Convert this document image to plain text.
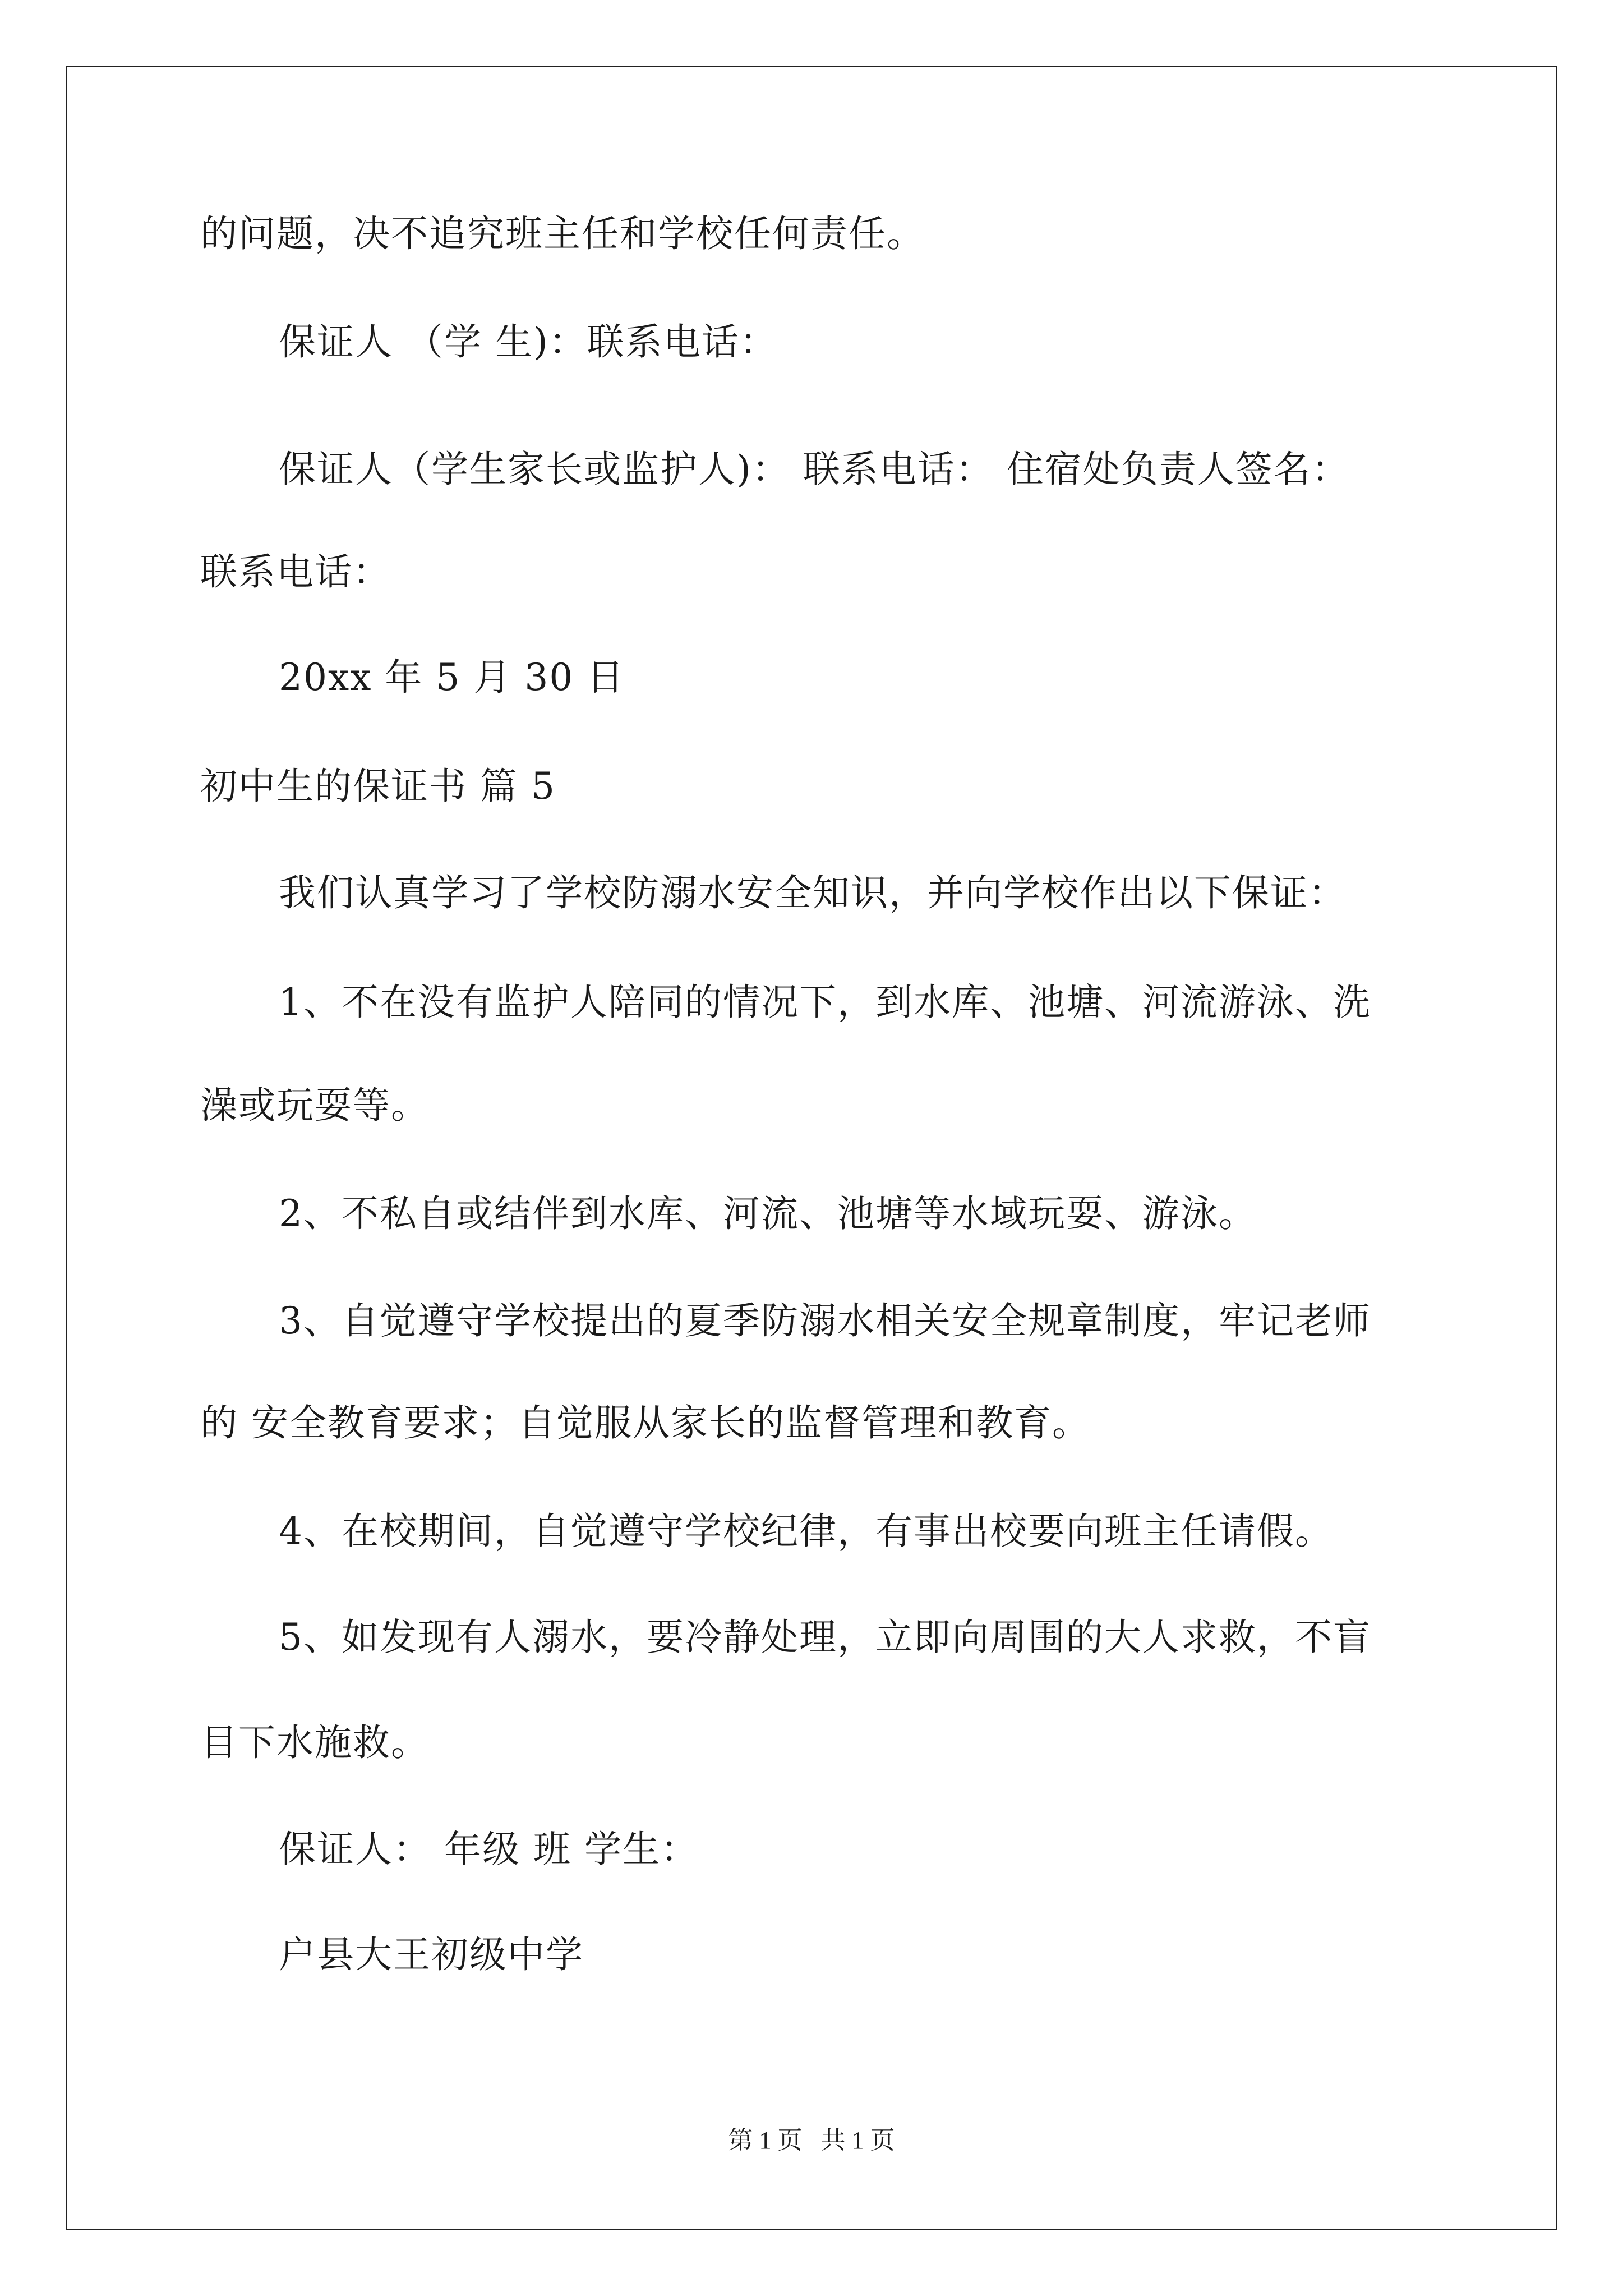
的问题，决不追究班主任和学校任何责任。
保证人 （学 生)：联系电话：
保证人（学生家长或监护人)： 联系电话： 住宿处负责人签名：
联系电话：
20xx 年 5 月 30 日
初中生的保证书 篇 5
我们认真学习了学校防溺水安全知识，并向学校作出以下保证：
1、不在没有监护人陪同的情况下，到水库、池塘、河流游泳、洗
澡或玩耍等。
2、不私自或结伴到水库、河流、池塘等水域玩耍、游泳。
3、自觉遵守学校提出的夏季防溺水相关安全规章制度，牢记老师
的 安全教育要求；自觉服从家长的监督管理和教育。
4、在校期间，自觉遵守学校纪律，有事出校要向班主任请假。
5、如发现有人溺水，要冷静处理，立即向周围的大人求救，不盲
目下水施救。
保证人： 年级 班 学生：
户县大王初级中学
第 1 页   共 1 页
